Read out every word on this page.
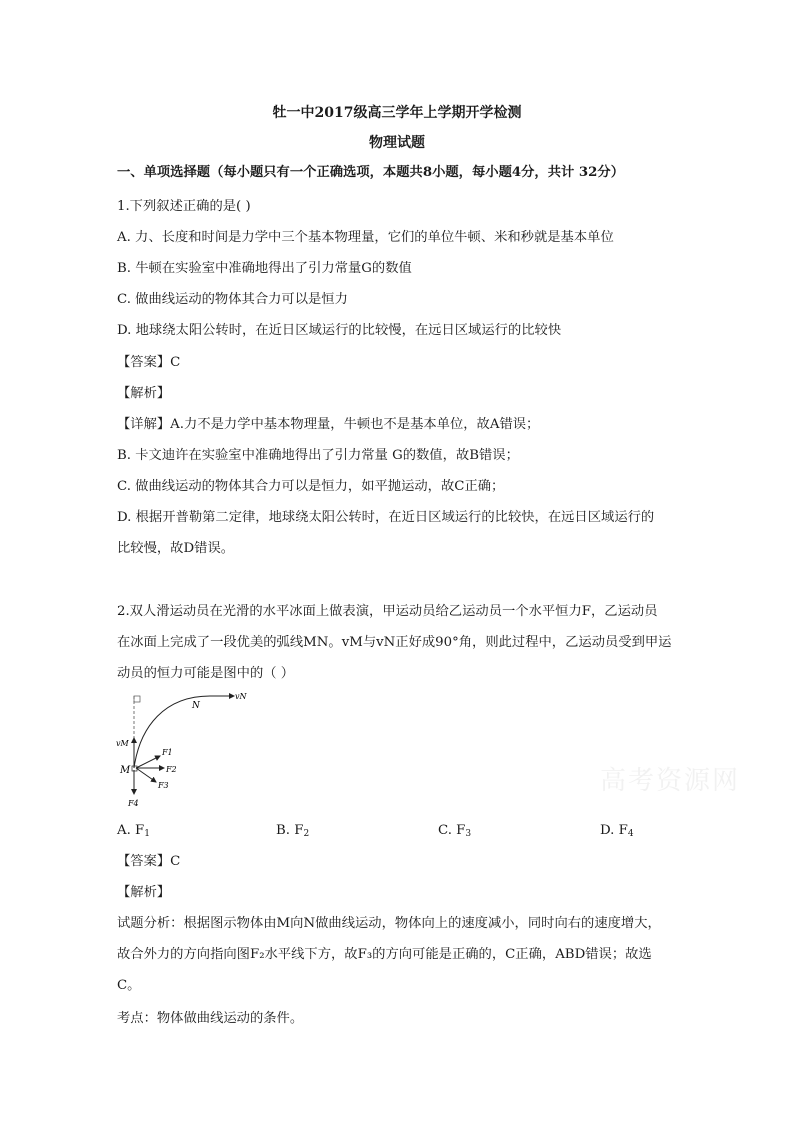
牡一中2017级高三学年上学期开学检测
物理试题
一、单项选择题（每小题只有一个正确选项，本题共8小题，每小题4分，共计 32分）
1.下列叙述正确的是( )
A. 力、长度和时间是力学中三个基本物理量，它们的单位牛顿、米和秒就是基本单位
B. 牛顿在实验室中准确地得出了引力常量G的数值
C. 做曲线运动的物体其合力可以是恒力
D. 地球绕太阳公转时，在近日区域运行的比较慢，在远日区域运行的比较快
【答案】C
【解析】
【详解】A.力不是力学中基本物理量，牛顿也不是基本单位，故A错误；
B. 卡文迪许在实验室中准确地得出了引力常量 G的数值，故B错误；
C. 做曲线运动的物体其合力可以是恒力，如平抛运动，故C正确；
D. 根据开普勒第二定律，地球绕太阳公转时，在近日区域运行的比较快，在远日区域运行的
比较慢，故D错误。
2.双人滑运动员在光滑的水平冰面上做表演，甲运动员给乙运动员一个水平恒力F，乙运动员
在冰面上完成了一段优美的弧线MN。vM与vN正好成90°角，则此过程中，乙运动员受到甲运
动员的恒力可能是图中的（ ）
vN
N
vM
M
F1
F2
F3
F4
高考资源网
A. $F_1$	B. $F_2$	C. $F_3$	D. $F_4$
【答案】C
【解析】
试题分析：根据图示物体由M向N做曲线运动，物体向上的速度减小，同时向右的速度增大，
故合外力的方向指向图F₂水平线下方，故F₃的方向可能是正确的，C正确，ABD错误；故选
C。
考点：物体做曲线运动的条件。
